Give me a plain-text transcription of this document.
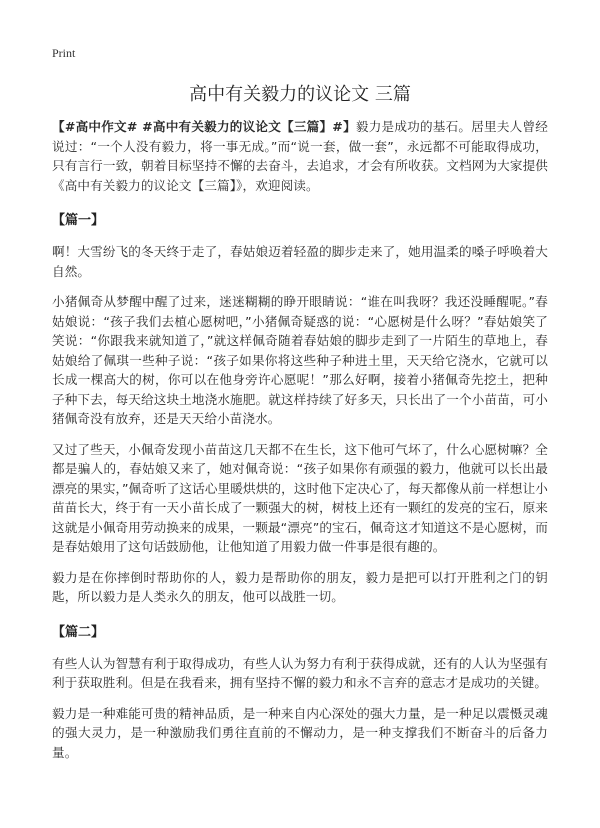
Print
高中有关毅力的议论文 三篇

【#高中作文# #高中有关毅力的议论文【三篇】#】毅力是成功的基石。居里夫人曾经说过：“一个人没有毅力，将一事无成。”而“说一套，做一套”，永远都不可能取得成功，只有言行一致，朝着目标坚持不懈的去奋斗，去追求，才会有所收获。文档网为大家提供《高中有关毅力的议论文【三篇】》，欢迎阅读。

【篇一】

啊！大雪纷飞的冬天终于走了，春姑娘迈着轻盈的脚步走来了，她用温柔的嗓子呼唤着大自然。

小猪佩奇从梦醒中醒了过来，迷迷糊糊的睁开眼睛说：“谁在叫我呀？我还没睡醒呢。”春姑娘说：“孩子我们去植心愿树吧，”小猪佩奇疑惑的说：“心愿树是什么呀？”春姑娘笑了笑说：“你跟我来就知道了，”就这样佩奇随着春姑娘的脚步走到了一片陌生的草地上，春姑娘给了佩琪一些种子说：“孩子如果你将这些种子种进土里，天天给它浇水，它就可以长成一棵高大的树，你可以在他身旁许心愿呢！”那么好啊，接着小猪佩奇先挖土，把种子种下去，每天给这块土地浇水施肥。就这样持续了好多天，只长出了一个小苗苗，可小猪佩奇没有放弃，还是天天给小苗浇水。

又过了些天，小佩奇发现小苗苗这几天都不在生长，这下他可气坏了，什么心愿树嘛？全都是骗人的，春姑娘又来了，她对佩奇说：“孩子如果你有顽强的毅力，他就可以长出最漂亮的果实，”佩奇听了这话心里暖烘烘的，这时他下定决心了，每天都像从前一样想让小苗苗长大，终于有一天小苗长成了一颗强大的树，树枝上还有一颗红的发亮的宝石，原来这就是小佩奇用劳动换来的成果，一颗最“漂亮”的宝石，佩奇这才知道这不是心愿树，而是春姑娘用了这句话鼓励他，让他知道了用毅力做一件事是很有趣的。

毅力是在你摔倒时帮助你的人，毅力是帮助你的朋友，毅力是把可以打开胜利之门的钥匙，所以毅力是人类永久的朋友，他可以战胜一切。

【篇二】

有些人认为智慧有利于取得成功，有些人认为努力有利于获得成就，还有的人认为坚强有利于获取胜利。但是在我看来，拥有坚持不懈的毅力和永不言弃的意志才是成功的关键。

毅力是一种难能可贵的精神品质，是一种来自内心深处的强大力量，是一种足以震慑灵魂的强大灵力，是一种激励我们勇往直前的不懈动力，是一种支撑我们不断奋斗的后备力量。
